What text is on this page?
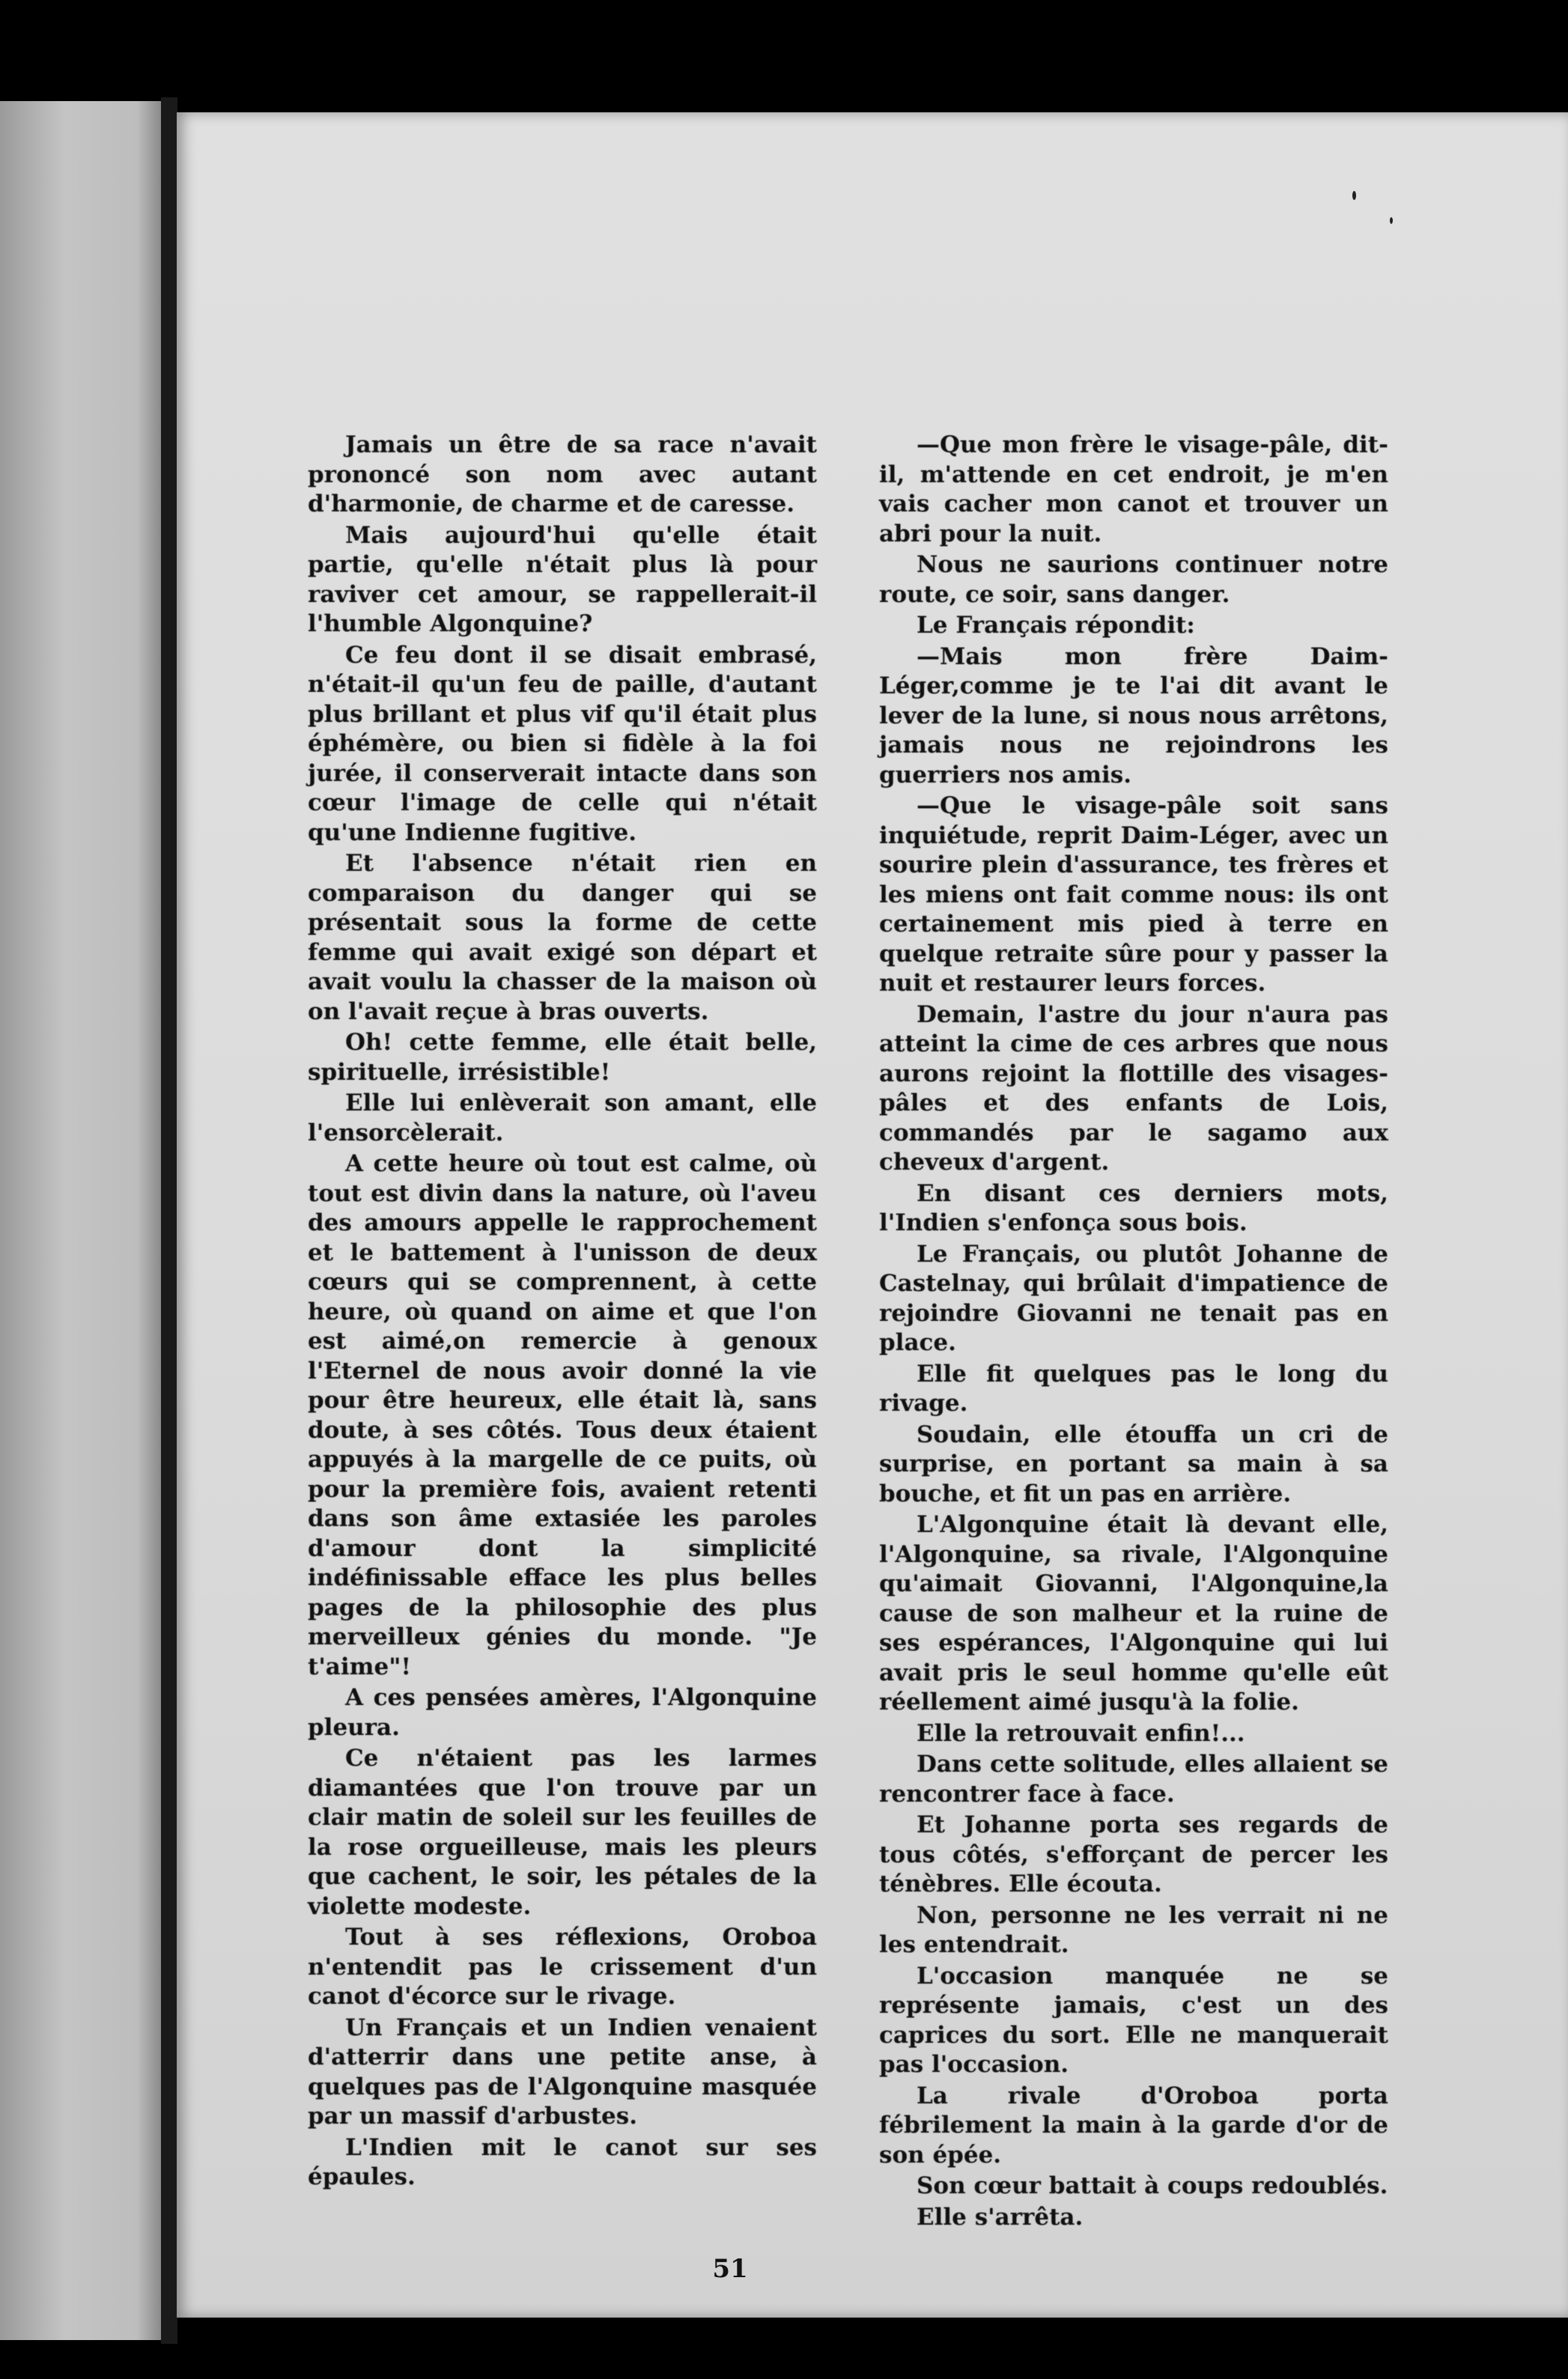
Jamais un être de sa race n'avait prononcé son nom avec autant d'harmonie, de charme et de caresse.

Mais aujourd'hui qu'elle était partie, qu'elle n'était plus là pour raviver cet amour, se rappellerait-il l'humble Algonquine?

Ce feu dont il se disait embrasé, n'était-il qu'un feu de paille, d'autant plus brillant et plus vif qu'il était plus éphémère, ou bien si fidèle à la foi jurée, il conserverait intacte dans son cœur l'image de celle qui n'était qu'une Indienne fugitive.

Et l'absence n'était rien en comparaison du danger qui se présentait sous la forme de cette femme qui avait exigé son départ et avait voulu la chasser de la maison où on l'avait reçue à bras ouverts.

Oh! cette femme, elle était belle, spirituelle, irrésistible!

Elle lui enlèverait son amant, elle l'ensorcèlerait.

A cette heure où tout est calme, où tout est divin dans la nature, où l'aveu des amours appelle le rapprochement et le battement à l'unisson de deux cœurs qui se comprennent, à cette heure, où quand on aime et que l'on est aimé,on remercie à genoux l'Eternel de nous avoir donné la vie pour être heureux, elle était là, sans doute, à ses côtés. Tous deux étaient appuyés à la margelle de ce puits, où pour la première fois, avaient retenti dans son âme extasiée les paroles d'amour dont la simplicité indéfinissable efface les plus belles pages de la philosophie des plus merveilleux génies du monde. "Je t'aime"!

A ces pensées amères, l'Algonquine pleura.

Ce n'étaient pas les larmes diamantées que l'on trouve par un clair matin de soleil sur les feuilles de la rose orgueilleuse, mais les pleurs que cachent, le soir, les pétales de la violette modeste.

Tout à ses réflexions, Oroboa n'entendit pas le crissement d'un canot d'écorce sur le rivage.

Un Français et un Indien venaient d'atterrir dans une petite anse, à quelques pas de l'Algonquine masquée par un massif d'arbustes.

L'Indien mit le canot sur ses épaules.

—Que mon frère le visage-pâle, dit-il, m'attende en cet endroit, je m'en vais cacher mon canot et trouver un abri pour la nuit.

Nous ne saurions continuer notre route, ce soir, sans danger.

Le Français répondit:

—Mais mon frère Daim-Léger,comme je te l'ai dit avant le lever de la lune, si nous nous arrêtons, jamais nous ne rejoindrons les guerriers nos amis.

—Que le visage-pâle soit sans inquiétude, reprit Daim-Léger, avec un sourire plein d'assurance, tes frères et les miens ont fait comme nous: ils ont certainement mis pied à terre en quelque retraite sûre pour y passer la nuit et restaurer leurs forces.

Demain, l'astre du jour n'aura pas atteint la cime de ces arbres que nous aurons rejoint la flottille des visages-pâles et des enfants de Lois, commandés par le sagamo aux cheveux d'argent.

En disant ces derniers mots, l'Indien s'enfonça sous bois.

Le Français, ou plutôt Johanne de Castelnay, qui brûlait d'impatience de rejoindre Giovanni ne tenait pas en place.

Elle fit quelques pas le long du rivage.

Soudain, elle étouffa un cri de surprise, en portant sa main à sa bouche, et fit un pas en arrière.

L'Algonquine était là devant elle, l'Algonquine, sa rivale, l'Algonquine qu'aimait Giovanni, l'Algonquine,la cause de son malheur et la ruine de ses espérances, l'Algonquine qui lui avait pris le seul homme qu'elle eût réellement aimé jusqu'à la folie.

Elle la retrouvait enfin!...

Dans cette solitude, elles allaient se rencontrer face à face.

Et Johanne porta ses regards de tous côtés, s'efforçant de percer les ténèbres. Elle écouta.

Non, personne ne les verrait ni ne les entendrait.

L'occasion manquée ne se représente jamais, c'est un des caprices du sort. Elle ne manquerait pas l'occasion.

La rivale d'Oroboa porta fébrilement la main à la garde d'or de son épée.

Son cœur battait à coups redoublés.

Elle s'arrêta.

51
